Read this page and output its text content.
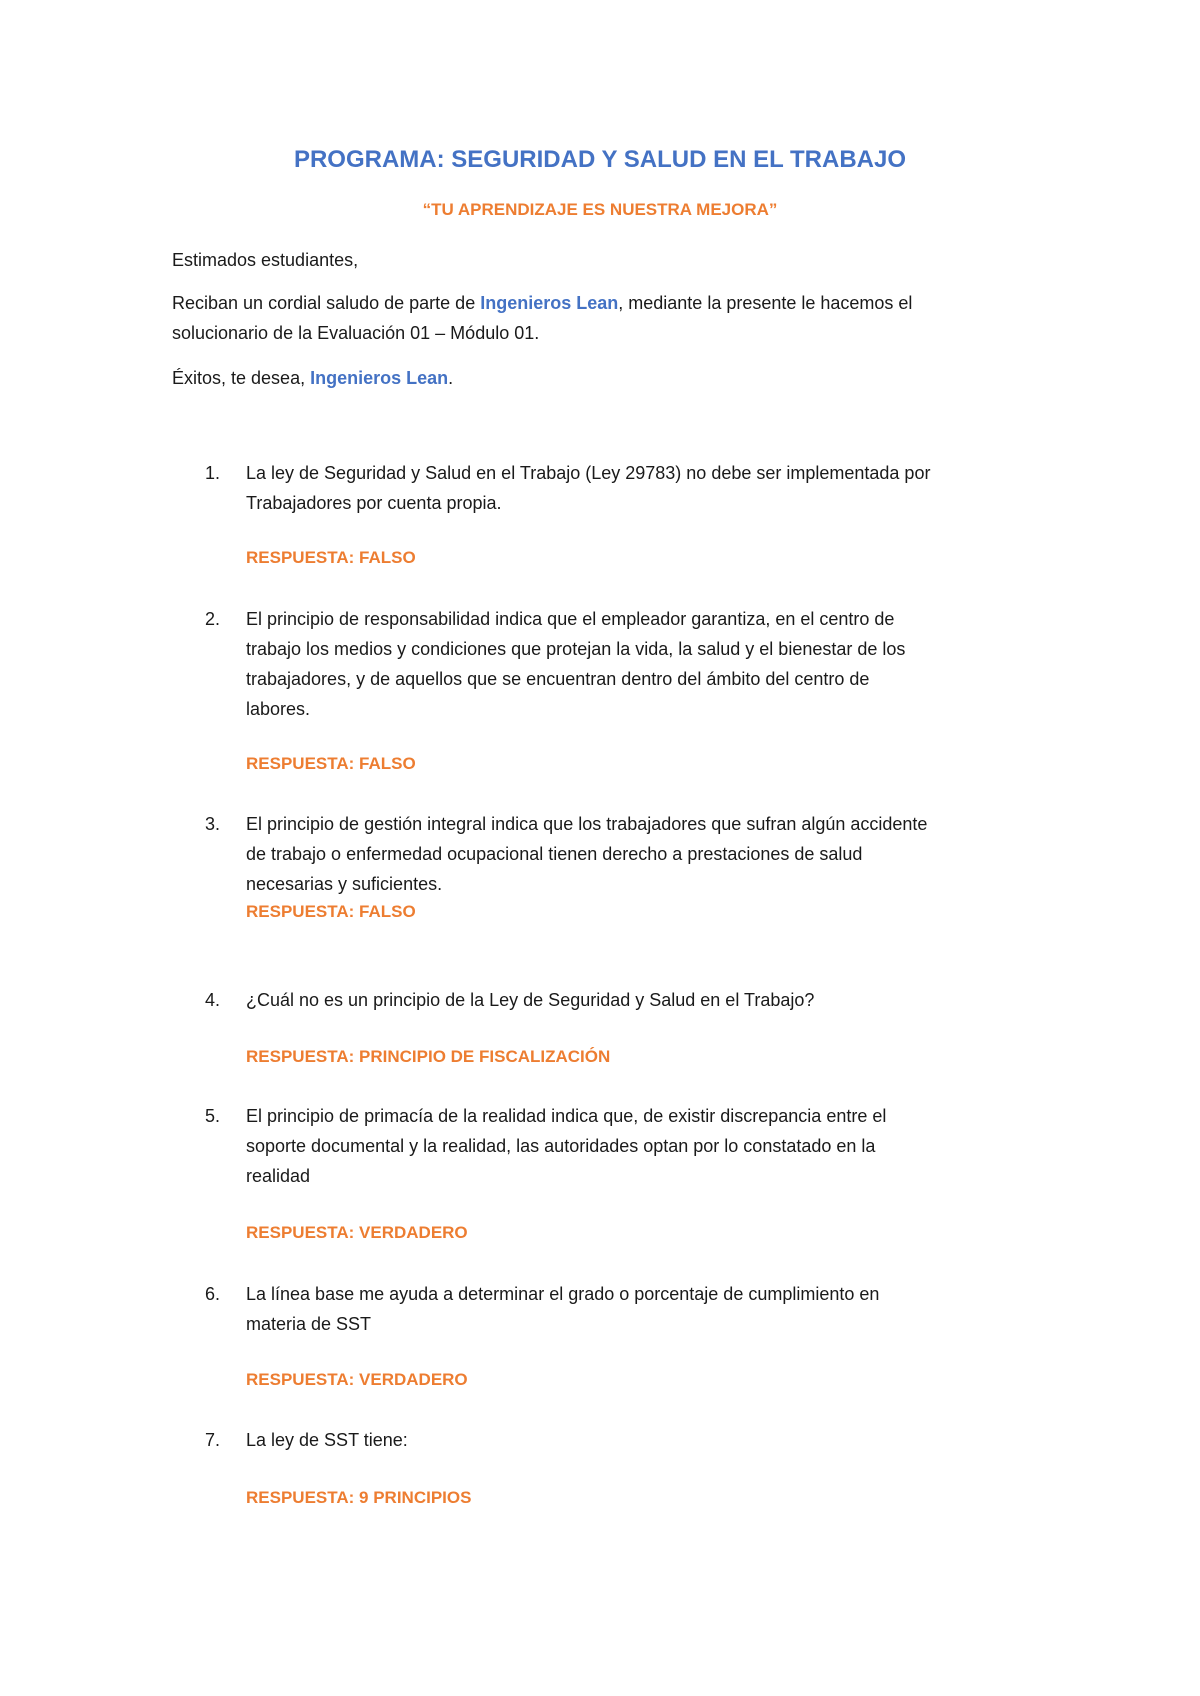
PROGRAMA: SEGURIDAD Y SALUD EN EL TRABAJO
“TU APRENDIZAJE ES NUESTRA MEJORA”

Estimados estudiantes,

Reciban un cordial saludo de parte de Ingenieros Lean, mediante la presente le hacemos el

solucionario de la Evaluación 01 – Módulo 01.

Éxitos, te desea, Ingenieros Lean.

1. La ley de Seguridad y Salud en el Trabajo (Ley 29783) no debe ser implementada por
Trabajadores por cuenta propia.

RESPUESTA: FALSO
2. El principio de responsabilidad indica que el empleador garantiza, en el centro de
trabajo los medios y condiciones que protejan la vida, la salud y el bienestar de los
trabajadores, y de aquellos que se encuentran dentro del ámbito del centro de
labores.

RESPUESTA: FALSO
3. El principio de gestión integral indica que los trabajadores que sufran algún accidente
de trabajo o enfermedad ocupacional tienen derecho a prestaciones de salud
necesarias y suficientes.

RESPUESTA: FALSO
4. ¿Cuál no es un principio de la Ley de Seguridad y Salud en el Trabajo?

RESPUESTA: PRINCIPIO DE FISCALIZACIÓN
5. El principio de primacía de la realidad indica que, de existir discrepancia entre el
soporte documental y la realidad, las autoridades optan por lo constatado en la
realidad

RESPUESTA: VERDADERO
6. La línea base me ayuda a determinar el grado o porcentaje de cumplimiento en
materia de SST

RESPUESTA: VERDADERO
7. La ley de SST tiene:

RESPUESTA: 9 PRINCIPIOS
